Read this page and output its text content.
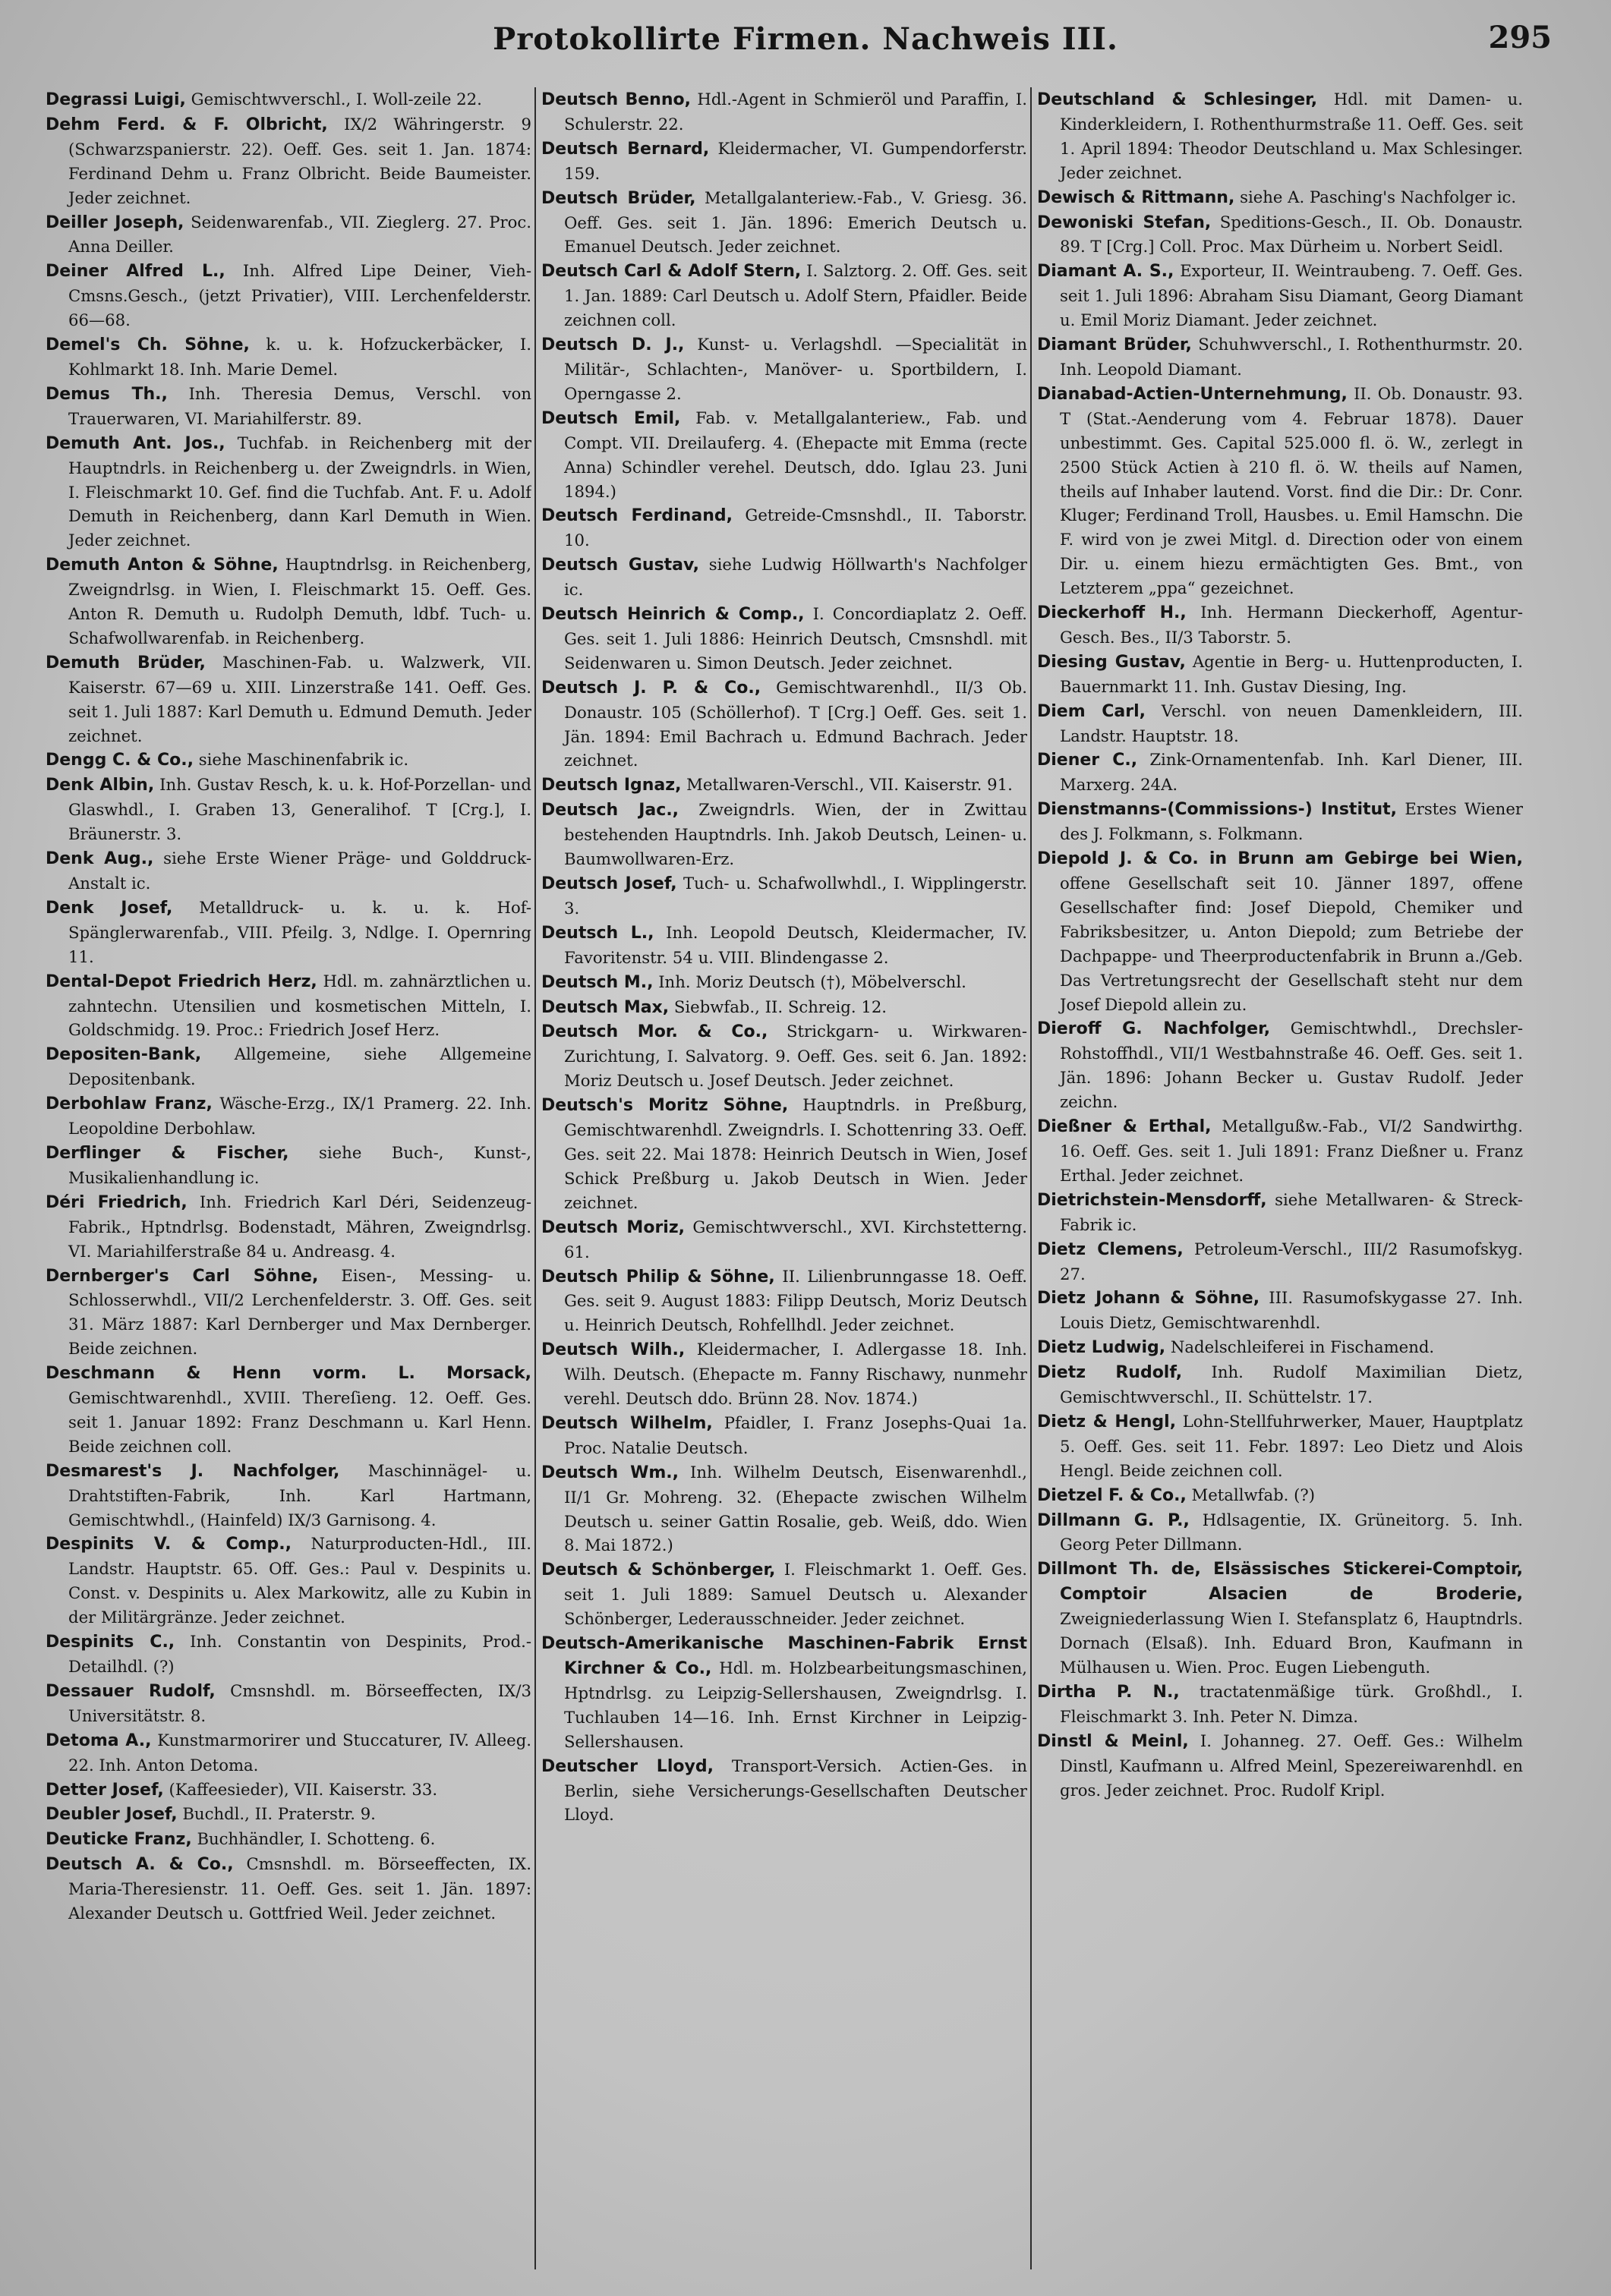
Protokollirte Firmen. Nachweis III.	295

Degrassi Luigi, Gemischtwverschl., I. Woll-zeile 22.

Dehm Ferd. & F. Olbricht, IX/2 Währingerstr. 9 (Schwarzspanierstr. 22). Oeff. Ges. seit 1. Jan. 1874: Ferdinand Dehm u. Franz Olbricht. Beide Baumeister. Jeder zeichnet.

Deiller Joseph, Seidenwarenfab., VII. Zieglerg. 27. Proc. Anna Deiller.

Deiner Alfred L., Inh. Alfred Lipe Deiner, Vieh-Cmsns.Gesch., (jetzt Privatier), VIII. Lerchenfelderstr. 66—68.

Demel's Ch. Söhne, k. u. k. Hofzuckerbäcker, I. Kohlmarkt 18. Inh. Marie Demel.

Demus Th., Inh. Theresia Demus, Verschl. von Trauerwaren, VI. Mariahilferstr. 89.

Demuth Ant. Jos., Tuchfab. in Reichenberg mit der Hauptndrls. in Reichenberg u. der Zweigndrls. in Wien, I. Fleischmarkt 10. Gef. find die Tuchfab. Ant. F. u. Adolf Demuth in Reichenberg, dann Karl Demuth in Wien. Jeder zeichnet.

Demuth Anton & Söhne, Hauptndrlsg. in Reichenberg, Zweigndrlsg. in Wien, I. Fleischmarkt 15. Oeff. Ges. Anton R. Demuth u. Rudolph Demuth, ldbf. Tuch- u. Schafwollwarenfab. in Reichenberg.

Demuth Brüder, Maschinen-Fab. u. Walzwerk, VII. Kaiserstr. 67—69 u. XIII. Linzerstraße 141. Oeff. Ges. seit 1. Juli 1887: Karl Demuth u. Edmund Demuth. Jeder zeichnet.

Dengg C. & Co., siehe Maschinenfabrik ic.

Denk Albin, Inh. Gustav Resch, k. u. k. Hof-Porzellan- und Glaswhdl., I. Graben 13, Generalihof. T [Crg.], I. Bräunerstr. 3.

Denk Aug., siehe Erste Wiener Präge- und Golddruck-Anstalt ic.

Denk Josef, Metalldruck- u. k. u. k. Hof-Spänglerwarenfab., VIII. Pfeilg. 3, Ndlge. I. Opernring 11.

Dental-Depot Friedrich Herz, Hdl. m. zahnärztlichen u. zahntechn. Utensilien und kosmetischen Mitteln, I. Goldschmidg. 19. Proc.: Friedrich Josef Herz.

Depositen-Bank, Allgemeine, siehe Allgemeine Depositenbank.

Derbohlaw Franz, Wäsche-Erzg., IX/1 Pramerg. 22. Inh. Leopoldine Derbohlaw.

Derflinger & Fischer, siehe Buch-, Kunst-, Musikalienhandlung ic.

Déri Friedrich, Inh. Friedrich Karl Déri, Seidenzeug-Fabrik., Hptndrlsg. Bodenstadt, Mähren, Zweigndrlsg. VI. Mariahilferstraße 84 u. Andreasg. 4.

Dernberger's Carl Söhne, Eisen-, Messing- u. Schlosserwhdl., VII/2 Lerchenfelderstr. 3. Off. Ges. seit 31. März 1887: Karl Dernberger und Max Dernberger. Beide zeichnen.

Deschmann & Henn vorm. L. Morsack, Gemischtwarenhdl., XVIII. Thereſieng. 12. Oeff. Ges. seit 1. Januar 1892: Franz Deschmann u. Karl Henn. Beide zeichnen coll.

Desmarest's J. Nachfolger, Maschinnägel- u. Drahtstiften-Fabrik, Inh. Karl Hartmann, Gemischtwhdl., (Hainfeld) IX/3 Garnisong. 4.

Despinits V. & Comp., Naturproducten-Hdl., III. Landstr. Hauptstr. 65. Off. Ges.: Paul v. Despinits u. Const. v. Despinits u. Alex Markowitz, alle zu Kubin in der Militärgränze. Jeder zeichnet.

Despinits C., Inh. Constantin von Despinits, Prod.-Detailhdl. (?)

Dessauer Rudolf, Cmsnshdl. m. Börseeffecten, IX/3 Universitätstr. 8.

Detoma A., Kunstmarmorirer und Stuccaturer, IV. Alleeg. 22. Inh. Anton Detoma.

Detter Josef, (Kaffeesieder), VII. Kaiserstr. 33.

Deubler Josef, Buchdl., II. Praterstr. 9.

Deuticke Franz, Buchhändler, I. Schotteng. 6.

Deutsch A. & Co., Cmsnshdl. m. Börseeffecten, IX. Maria-Theresienstr. 11. Oeff. Ges. seit 1. Jän. 1897: Alexander Deutsch u. Gottfried Weil. Jeder zeichnet.

Deutsch Benno, Hdl.-Agent in Schmieröl und Paraffin, I. Schulerstr. 22.

Deutsch Bernard, Kleidermacher, VI. Gumpendorferstr. 159.

Deutsch Brüder, Metallgalanteriew.-Fab., V. Griesg. 36. Oeff. Ges. seit 1. Jän. 1896: Emerich Deutsch u. Emanuel Deutsch. Jeder zeichnet.

Deutsch Carl & Adolf Stern, I. Salztorg. 2. Off. Ges. seit 1. Jan. 1889: Carl Deutsch u. Adolf Stern, Pfaidler. Beide zeichnen coll.

Deutsch D. J., Kunst- u. Verlagshdl. —Specialität in Militär-, Schlachten-, Manöver- u. Sportbildern, I. Operngasse 2.

Deutsch Emil, Fab. v. Metallgalanteriew., Fab. und Compt. VII. Dreilauferg. 4. (Ehepacte mit Emma (recte Anna) Schindler verehel. Deutsch, ddo. Iglau 23. Juni 1894.)

Deutsch Ferdinand, Getreide-Cmsnshdl., II. Taborstr. 10.

Deutsch Gustav, siehe Ludwig Höllwarth's Nachfolger ic.

Deutsch Heinrich & Comp., I. Concordiaplatz 2. Oeff. Ges. seit 1. Juli 1886: Heinrich Deutsch, Cmsnshdl. mit Seidenwaren u. Simon Deutsch. Jeder zeichnet.

Deutsch J. P. & Co., Gemischtwarenhdl., II/3 Ob. Donaustr. 105 (Schöllerhof). T [Crg.] Oeff. Ges. seit 1. Jän. 1894: Emil Bachrach u. Edmund Bachrach. Jeder zeichnet.

Deutsch Ignaz, Metallwaren-Verschl., VII. Kaiserstr. 91.

Deutsch Jac., Zweigndrls. Wien, der in Zwittau bestehenden Hauptndrls. Inh. Jakob Deutsch, Leinen- u. Baumwollwaren-Erz.

Deutsch Josef, Tuch- u. Schafwollwhdl., I. Wipplingerstr. 3.

Deutsch L., Inh. Leopold Deutsch, Kleidermacher, IV. Favoritenstr. 54 u. VIII. Blindengasse 2.

Deutsch M., Inh. Moriz Deutsch (†), Möbelverschl.

Deutsch Max, Siebwfab., II. Schreig. 12.

Deutsch Mor. & Co., Strickgarn- u. Wirkwaren-Zurichtung, I. Salvatorg. 9. Oeff. Ges. seit 6. Jan. 1892: Moriz Deutsch u. Josef Deutsch. Jeder zeichnet.

Deutsch's Moritz Söhne, Hauptndrls. in Preßburg, Gemischtwarenhdl. Zweigndrls. I. Schottenring 33. Oeff. Ges. seit 22. Mai 1878: Heinrich Deutsch in Wien, Josef Schick Preßburg u. Jakob Deutsch in Wien. Jeder zeichnet.

Deutsch Moriz, Gemischtwverschl., XVI. Kirchstetterng. 61.

Deutsch Philip & Söhne, II. Lilienbrunngasse 18. Oeff. Ges. seit 9. August 1883: Filipp Deutsch, Moriz Deutsch u. Heinrich Deutsch, Rohfellhdl. Jeder zeichnet.

Deutsch Wilh., Kleidermacher, I. Adlergasse 18. Inh. Wilh. Deutsch. (Ehepacte m. Fanny Rischawy, nunmehr verehl. Deutsch ddo. Brünn 28. Nov. 1874.)

Deutsch Wilhelm, Pfaidler, I. Franz Josephs-Quai 1a. Proc. Natalie Deutsch.

Deutsch Wm., Inh. Wilhelm Deutsch, Eisenwarenhdl., II/1 Gr. Mohreng. 32. (Ehepacte zwischen Wilhelm Deutsch u. seiner Gattin Rosalie, geb. Weiß, ddo. Wien 8. Mai 1872.)

Deutsch & Schönberger, I. Fleischmarkt 1. Oeff. Ges. seit 1. Juli 1889: Samuel Deutsch u. Alexander Schönberger, Lederausschneider. Jeder zeichnet.

Deutsch-Amerikanische Maschinen-Fabrik Ernst Kirchner & Co., Hdl. m. Holzbearbeitungsmaschinen, Hptndrlsg. zu Leipzig-Sellershausen, Zweigndrlsg. I. Tuchlauben 14—16. Inh. Ernst Kirchner in Leipzig-Sellershausen.

Deutscher Lloyd, Transport-Versich. Actien-Ges. in Berlin, siehe Versicherungs-Gesellschaften Deutscher Lloyd.

Deutschland & Schlesinger, Hdl. mit Damen- u. Kinderkleidern, I. Rothenthurmstraße 11. Oeff. Ges. seit 1. April 1894: Theodor Deutschland u. Max Schlesinger. Jeder zeichnet.

Dewisch & Rittmann, siehe A. Pasching's Nachfolger ic.

Dewoniski Stefan, Speditions-Gesch., II. Ob. Donaustr. 89. T [Crg.] Coll. Proc. Max Dürheim u. Norbert Seidl.

Diamant A. S., Exporteur, II. Weintraubeng. 7. Oeff. Ges. seit 1. Juli 1896: Abraham Sisu Diamant, Georg Diamant u. Emil Moriz Diamant. Jeder zeichnet.

Diamant Brüder, Schuhwverschl., I. Rothenthurmstr. 20. Inh. Leopold Diamant.

Dianabad-Actien-Unternehmung, II. Ob. Donaustr. 93. T (Stat.-Aenderung vom 4. Februar 1878). Dauer unbestimmt. Ges. Capital 525.000 fl. ö. W., zerlegt in 2500 Stück Actien à 210 fl. ö. W. theils auf Namen, theils auf Inhaber lautend. Vorst. find die Dir.: Dr. Conr. Kluger; Ferdinand Troll, Hausbes. u. Emil Hamschn. Die F. wird von je zwei Mitgl. d. Direction oder von einem Dir. u. einem hiezu ermächtigten Ges. Bmt., von Letzterem „ppa“ gezeichnet.

Dieckerhoff H., Inh. Hermann Dieckerhoff, Agentur-Gesch. Bes., II/3 Taborstr. 5.

Diesing Gustav, Agentie in Berg- u. Huttenproducten, I. Bauernmarkt 11. Inh. Gustav Diesing, Ing.

Diem Carl, Verschl. von neuen Damenkleidern, III. Landstr. Hauptstr. 18.

Diener C., Zink-Ornamentenfab. Inh. Karl Diener, III. Marxerg. 24A.

Dienstmanns-(Commissions-) Institut, Erstes Wiener des J. Folkmann, s. Folkmann.

Diepold J. & Co. in Brunn am Gebirge bei Wien, offene Gesellschaft seit 10. Jänner 1897, offene Gesellschafter find: Josef Diepold, Chemiker und Fabriksbesitzer, u. Anton Diepold; zum Betriebe der Dachpappe- und Theerproductenfabrik in Brunn a./Geb. Das Vertretungsrecht der Gesellschaft steht nur dem Josef Diepold allein zu.

Dieroff G. Nachfolger, Gemischtwhdl., Drechsler-Rohstoffhdl., VII/1 Westbahnstraße 46. Oeff. Ges. seit 1. Jän. 1896: Johann Becker u. Gustav Rudolf. Jeder zeichn.

Dießner & Erthal, Metallgußw.-Fab., VI/2 Sandwirthg. 16. Oeff. Ges. seit 1. Juli 1891: Franz Dießner u. Franz Erthal. Jeder zeichnet.

Dietrichstein-Mensdorff, siehe Metallwaren- & Streck-Fabrik ic.

Dietz Clemens, Petroleum-Verschl., III/2 Rasumofskyg. 27.

Dietz Johann & Söhne, III. Rasumofskygasse 27. Inh. Louis Dietz, Gemischtwarenhdl.

Dietz Ludwig, Nadelschleiferei in Fischamend.

Dietz Rudolf, Inh. Rudolf Maximilian Dietz, Gemischtwverschl., II. Schüttelstr. 17.

Dietz & Hengl, Lohn-Stellfuhrwerker, Mauer, Hauptplatz 5. Oeff. Ges. seit 11. Febr. 1897: Leo Dietz und Alois Hengl. Beide zeichnen coll.

Dietzel F. & Co., Metallwfab. (?)

Dillmann G. P., Hdlsagentie, IX. Grüneitorg. 5. Inh. Georg Peter Dillmann.

Dillmont Th. de, Elsässisches Stickerei-Comptoir, Comptoir Alsacien de Broderie, Zweigniederlassung Wien I. Stefansplatz 6, Hauptndrls. Dornach (Elsaß). Inh. Eduard Bron, Kaufmann in Mülhausen u. Wien. Proc. Eugen Liebenguth.

Dirtha P. N., tractatenmäßige türk. Großhdl., I. Fleischmarkt 3. Inh. Peter N. Dimza.

Dinstl & Meinl, I. Johanneg. 27. Oeff. Ges.: Wilhelm Dinstl, Kaufmann u. Alfred Meinl, Spezereiwarenhdl. en gros. Jeder zeichnet. Proc. Rudolf Kripl.
